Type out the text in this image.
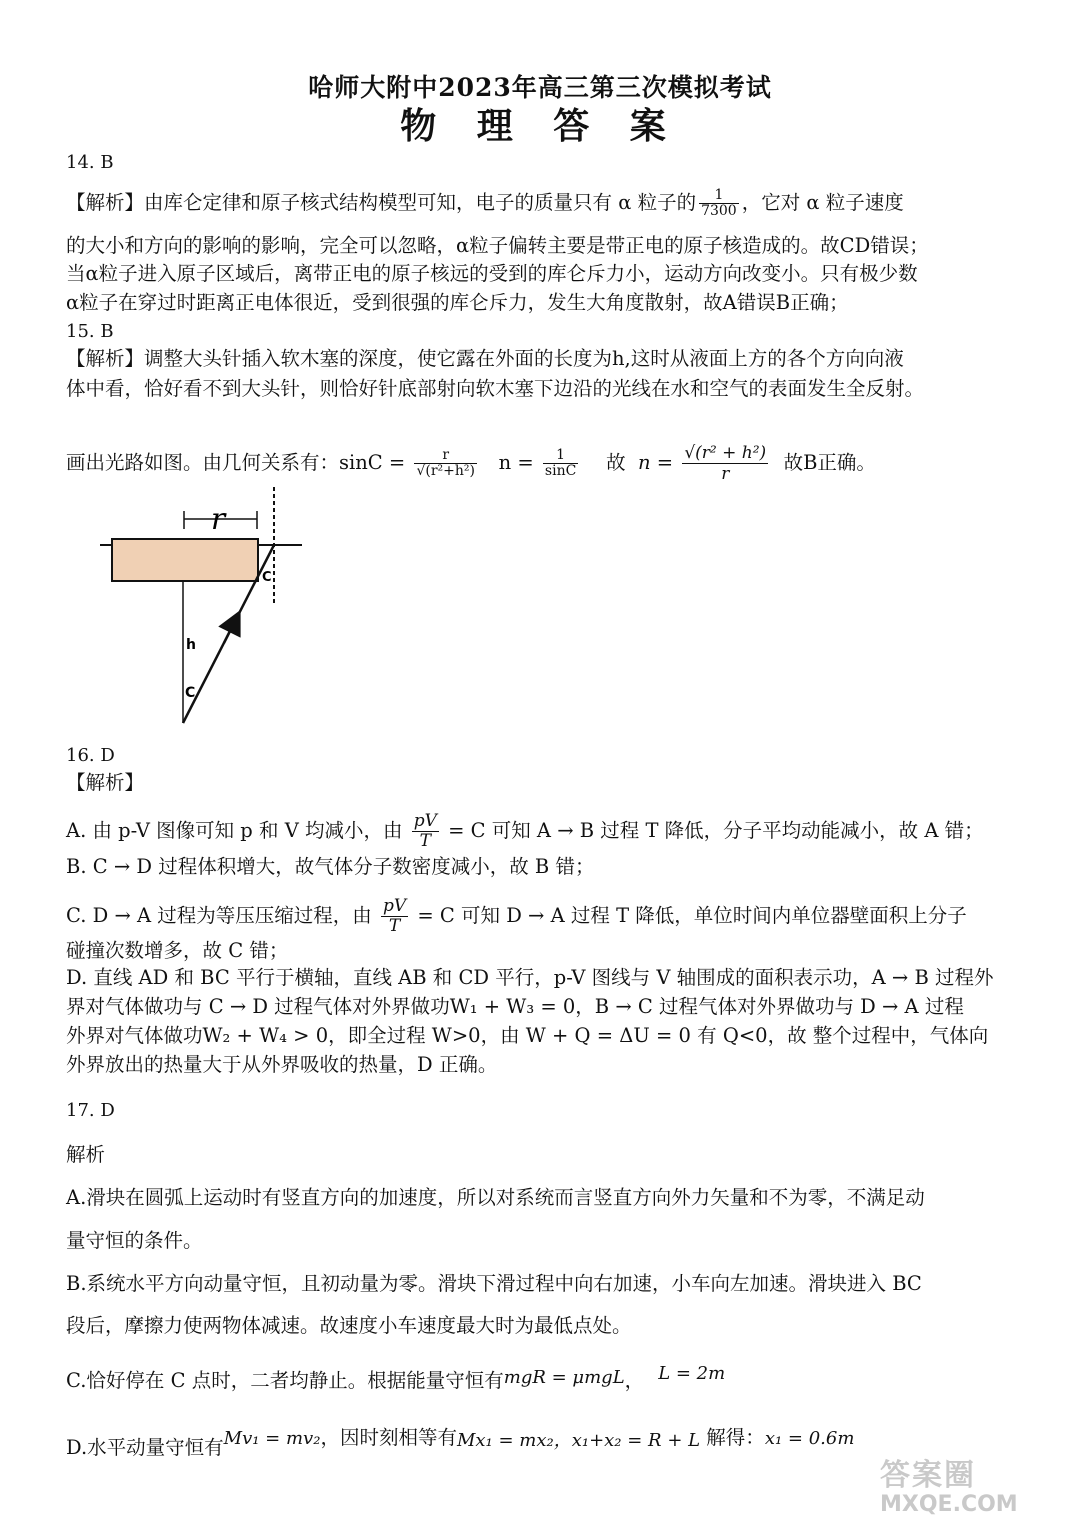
哈师大附中2023年高三第三次模拟考试
物 理 答 案
14. B
【解析】由库仑定律和原子核式结构模型可知，电子的质量只有 α 粒子的 $\frac{1}{7300}$ ，它对 α 粒子速度
的大小和方向的影响的影响，完全可以忽略，α粒子偏转主要是带正电的原子核造成的。故CD错误；
当α粒子进入原子区域后，离带正电的原子核远的受到的库仑斥力小，运动方向改变小。只有极少数
α粒子在穿过时距离正电体很近，受到很强的库仑斥力，发生大角度散射，故A错误B正确；
15. B
【解析】调整大头针插入软木塞的深度，使它露在外面的长度为h,这时从液面上方的各个方向向液
体中看，恰好看不到大头针，则恰好针底部射向软木塞下边沿的光线在水和空气的表面发生全反射。
画出光路如图。由几何关系有：$\sin C = \frac{r}{\text{√(r²+h²)}}$ $n = \frac{1}{\sin C}$ 故 $n = \frac{\text{√(r² + h²)}}{r}$ 故B正确。
r
h
C
C
16. D
【解析】
A. 由 p-V 图像可知 p 和 V 均减小，由 $\frac{pV}{T} = C$ 可知 A → B 过程 T 降低，分子平均动能减小，故 A 错；
B. C → D 过程体积增大，故气体分子数密度减小，故 B 错；
C. D → A 过程为等压压缩过程，由 $\frac{pV}{T} = C$ 可知 D → A 过程 T 降低，单位时间内单位器壁面积上分子
碰撞次数增多，故 C 错；
D. 直线 AD 和 BC 平行于横轴，直线 AB 和 CD 平行，p-V 图线与 V 轴围成的面积表示功，A → B 过程外
界对气体做功与 C → D 过程气体对外界做功W₁ + W₃ = 0，B → C 过程气体对外界做功与 D → A 过程
外界对气体做功W₂ + W₄ > 0，即全过程 W>0，由 W + Q = ΔU = 0 有 Q<0，故 整个过程中，气体向
外界放出的热量大于从外界吸收的热量，D 正确。
17. D
解析
A.滑块在圆弧上运动时有竖直方向的加速度，所以对系统而言竖直方向外力矢量和不为零，不满足动
量守恒的条件。
B.系统水平方向动量守恒，且初动量为零。滑块下滑过程中向右加速，小车向左加速。滑块进入 BC
段后，摩擦力使两物体减速。故速度小车速度最大时为最低点处。
C.恰好停在 C 点时，二者均静止。根据能量守恒有mgR = μmgL， L = 2m
D.水平动量守恒有Mv₁ = mv₂，因时刻相等有Mx₁ = mx₂，x₁+x₂ = R + L 解得：x₁ = 0.6m
答案圈
MXQE.COM
